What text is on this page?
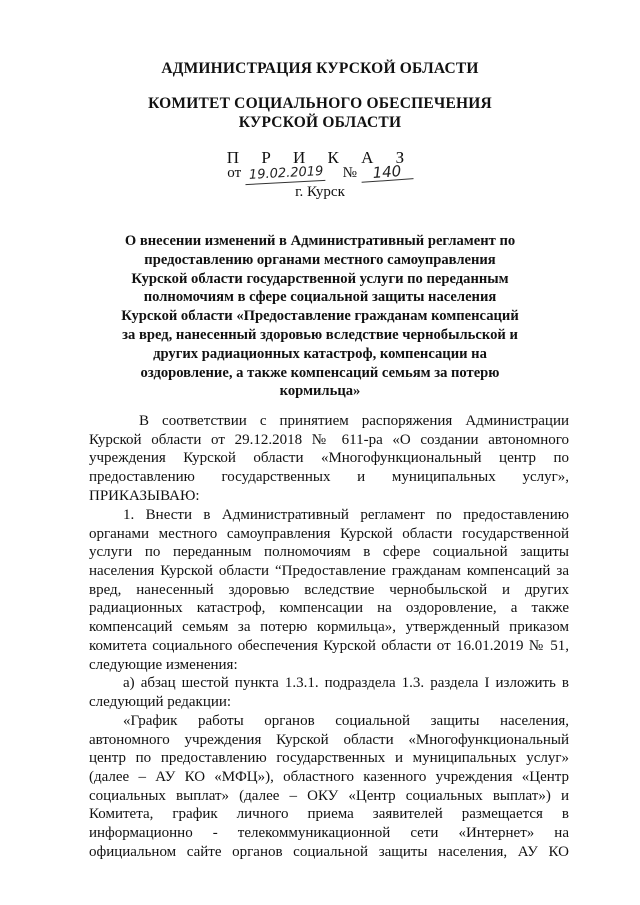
АДМИНИСТРАЦИЯ КУРСКОЙ ОБЛАСТИ
КОМИТЕТ СОЦИАЛЬНОГО ОБЕСПЕЧЕНИЯ
КУРСКОЙ ОБЛАСТИ
П Р И К А З
от 19.02.2019 № 140
г. Курск
О внесении изменений в Административный регламент по
предоставлению органами местного самоуправления
Курской области государственной услуги по переданным
полномочиям в сфере социальной защиты населения
Курской области «Предоставление гражданам компенсаций
за вред, нанесенный здоровью вследствие чернобыльской и
других радиационных катастроф, компенсации на
оздоровление, а также компенсаций семьям за потерю
кормильца»
В соответствии с принятием распоряжения Администрации
Курской области от 29.12.2018 № 611-ра «О создании автономного
учреждения Курской области «Многофункциональный центр по
предоставлению государственных и муниципальных услуг»,
ПРИКАЗЫВАЮ:
1. Внести в Административный регламент по предоставлению
органами местного самоуправления Курской области государственной
услуги по переданным полномочиям в сфере социальной защиты
населения Курской области “Предоставление гражданам компенсаций за
вред, нанесенный здоровью вследствие чернобыльской и других
радиационных катастроф, компенсации на оздоровление, а также
компенсаций семьям за потерю кормильца», утвержденный приказом
комитета социального обеспечения Курской области от 16.01.2019 № 51,
следующие изменения:
а) абзац шестой пункта 1.3.1. подраздела 1.3. раздела I изложить в
следующий редакции:
«График работы органов социальной защиты населения,
автономного учреждения Курской области «Многофункциональный
центр по предоставлению государственных и муниципальных услуг»
(далее – АУ КО «МФЦ»), областного казенного учреждения «Центр
социальных выплат» (далее – ОКУ «Центр социальных выплат») и
Комитета, график личного приема заявителей размещается в
информационно - телекоммуникационной сети «Интернет» на
официальном сайте органов социальной защиты населения, АУ КО
